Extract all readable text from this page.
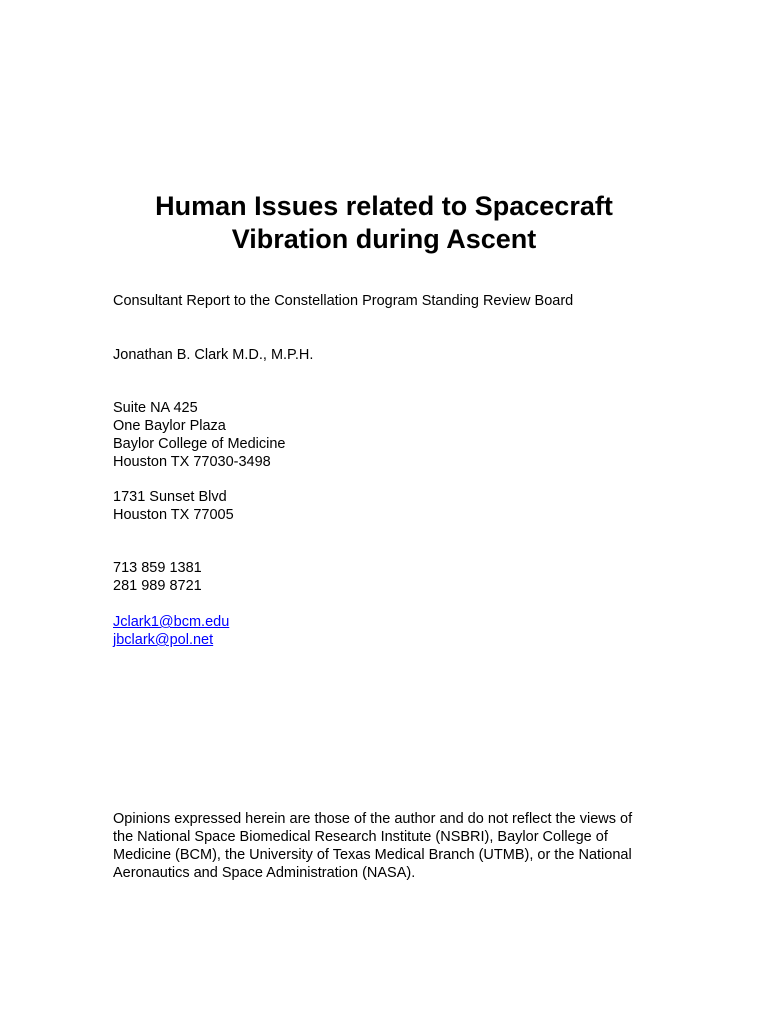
Human Issues related to Spacecraft
Vibration during Ascent
Consultant Report to the Constellation Program Standing Review Board
Jonathan B. Clark M.D., M.P.H.
Suite NA 425
One Baylor Plaza
Baylor College of Medicine
Houston TX 77030-3498
1731 Sunset Blvd
Houston TX 77005
713 859 1381
281 989 8721
Jclark1@bcm.edu
jbclark@pol.net
Opinions expressed herein are those of the author and do not reflect the views of
the National Space Biomedical Research Institute (NSBRI), Baylor College of
Medicine (BCM), the University of Texas Medical Branch (UTMB), or the National
Aeronautics and Space Administration (NASA).
